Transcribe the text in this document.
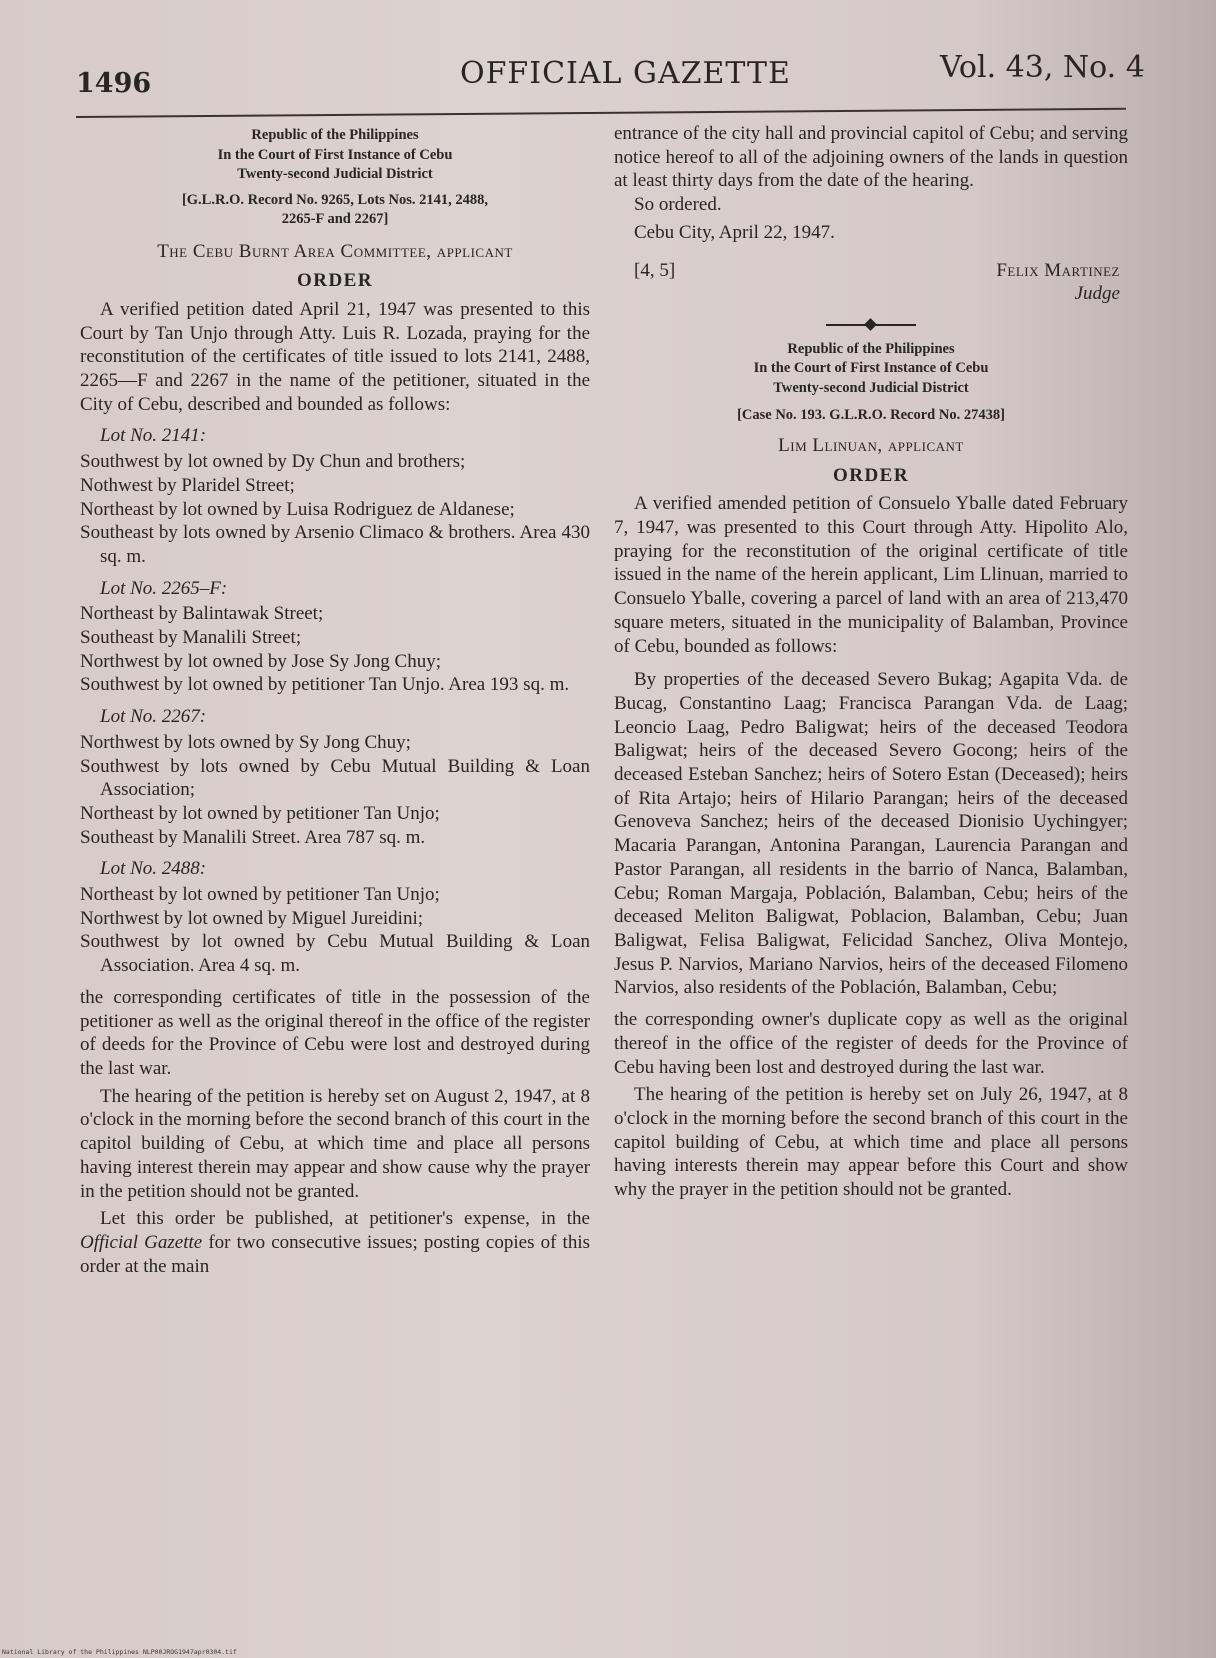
1496	OFFICIAL GAZETTE	Vol. 43, No. 4
Republic of the Philippines
In the Court of First Instance of Cebu
Twenty-second Judicial District
[G.L.R.O. Record No. 9265, Lots Nos. 2141, 2488,
2265-F and 2267]

The Cebu Burnt Area Committee, applicant

ORDER

A verified petition dated April 21, 1947 was presented to this Court by Tan Unjo through Atty. Luis R. Lozada, praying for the reconstitution of the certificates of title issued to lots 2141, 2488, 2265—F and 2267 in the name of the petitioner, situated in the City of Cebu, described and bounded as follows:

Lot No. 2141:

Southwest by lot owned by Dy Chun and brothers;

Nothwest by Plaridel Street;

Northeast by lot owned by Luisa Rodriguez de Aldanese;

Southeast by lots owned by Arsenio Climaco & brothers. Area 430 sq. m.

Lot No. 2265–F:

Northeast by Balintawak Street;

Southeast by Manalili Street;

Northwest by lot owned by Jose Sy Jong Chuy;

Southwest by lot owned by petitioner Tan Unjo. Area 193 sq. m.

Lot No. 2267:

Northwest by lots owned by Sy Jong Chuy;

Southwest by lots owned by Cebu Mutual Building & Loan Association;

Northeast by lot owned by petitioner Tan Unjo;

Southeast by Manalili Street. Area 787 sq. m.

Lot No. 2488:

Northeast by lot owned by petitioner Tan Unjo;

Northwest by lot owned by Miguel Jureidini;

Southwest by lot owned by Cebu Mutual Building & Loan Association. Area 4 sq. m.

the corresponding certificates of title in the possession of the petitioner as well as the original thereof in the office of the register of deeds for the Province of Cebu were lost and destroyed during the last war.

The hearing of the petition is hereby set on August 2, 1947, at 8 o'clock in the morning before the second branch of this court in the capitol building of Cebu, at which time and place all persons having interest therein may appear and show cause why the prayer in the petition should not be granted.

Let this order be published, at petitioner's expense, in the Official Gazette for two consecutive issues; posting copies of this order at the main

entrance of the city hall and provincial capitol of Cebu; and serving notice hereof to all of the adjoining owners of the lands in question at least thirty days from the date of the hearing.

So ordered.

Cebu City, April 22, 1947.

[4, 5]	Felix Martinez
Judge
Republic of the Philippines
In the Court of First Instance of Cebu
Twenty-second Judicial District
[Case No. 193. G.L.R.O. Record No. 27438]

Lim Llinuan, applicant

ORDER

A verified amended petition of Consuelo Yballe dated February 7, 1947, was presented to this Court through Atty. Hipolito Alo, praying for the reconstitution of the original certificate of title issued in the name of the herein applicant, Lim Llinuan, married to Consuelo Yballe, covering a parcel of land with an area of 213,470 square meters, situated in the municipality of Balamban, Province of Cebu, bounded as follows:

By properties of the deceased Severo Bukag; Agapita Vda. de Bucag, Constantino Laag; Francisca Parangan Vda. de Laag; Leoncio Laag, Pedro Baligwat; heirs of the deceased Teodora Baligwat; heirs of the deceased Severo Gocong; heirs of the deceased Esteban Sanchez; heirs of Sotero Estan (Deceased); heirs of Rita Artajo; heirs of Hilario Parangan; heirs of the deceased Genoveva Sanchez; heirs of the deceased Dionisio Uychingyer; Macaria Parangan, Antonina Parangan, Laurencia Parangan and Pastor Parangan, all residents in the barrio of Nanca, Balamban, Cebu; Roman Margaja, Población, Balamban, Cebu; heirs of the deceased Meliton Baligwat, Poblacion, Balamban, Cebu; Juan Baligwat, Felisa Baligwat, Felicidad Sanchez, Oliva Montejo, Jesus P. Narvios, Mariano Narvios, heirs of the deceased Filomeno Narvios, also residents of the Población, Balamban, Cebu;

the corresponding owner's duplicate copy as well as the original thereof in the office of the register of deeds for the Province of Cebu having been lost and destroyed during the last war.

The hearing of the petition is hereby set on July 26, 1947, at 8 o'clock in the morning before the second branch of this court in the capitol building of Cebu, at which time and place all persons having interests therein may appear before this Court and show why the prayer in the petition should not be granted.

National Library of the Philippines NLP00JROG1947apr0304.tif
